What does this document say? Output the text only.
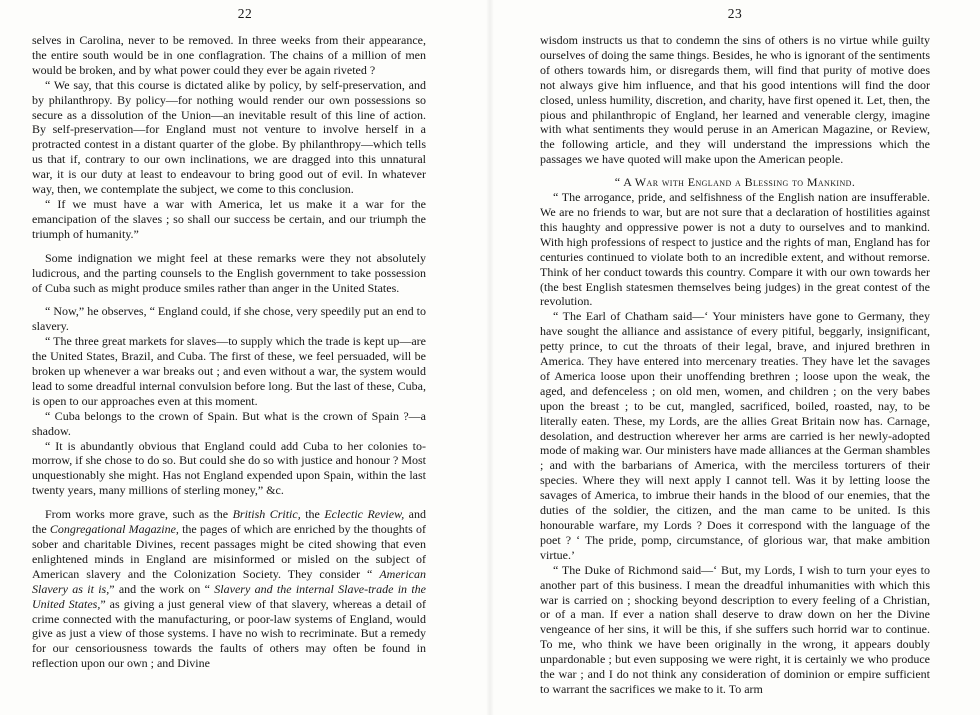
22

selves in Carolina, never to be removed. In three weeks from their appearance, the entire south would be in one conflagration. The chains of a million of men would be broken, and by what power could they ever be again riveted ?

“ We say, that this course is dictated alike by policy, by self-preservation, and by philanthropy. By policy—for nothing would render our own possessions so secure as a dissolution of the Union—an inevitable result of this line of action. By self-preservation—for England must not venture to involve herself in a protracted contest in a distant quarter of the globe. By philanthropy—which tells us that if, contrary to our own inclinations, we are dragged into this unnatural war, it is our duty at least to endeavour to bring good out of evil. In whatever way, then, we contemplate the subject, we come to this conclusion.

“ If we must have a war with America, let us make it a war for the emancipation of the slaves ; so shall our success be certain, and our triumph the triumph of humanity.”

Some indignation we might feel at these remarks were they not absolutely ludicrous, and the parting counsels to the English government to take possession of Cuba such as might produce smiles rather than anger in the United States.

“ Now,” he observes, “ England could, if she chose, very speedily put an end to slavery.

“ The three great markets for slaves—to supply which the trade is kept up—are the United States, Brazil, and Cuba. The first of these, we feel persuaded, will be broken up whenever a war breaks out ; and even without a war, the system would lead to some dreadful internal convulsion before long. But the last of these, Cuba, is open to our approaches even at this moment.

“ Cuba belongs to the crown of Spain. But what is the crown of Spain ?—a shadow.

“ It is abundantly obvious that England could add Cuba to her colonies to-morrow, if she chose to do so. But could she do so with justice and honour ? Most unquestionably she might. Has not England expended upon Spain, within the last twenty years, many millions of sterling money,” &c.

From works more grave, such as the British Critic, the Eclectic Review, and the Congregational Magazine, the pages of which are enriched by the thoughts of sober and charitable Divines, recent passages might be cited showing that even enlightened minds in England are misinformed or misled on the subject of American slavery and the Colonization Society. They consider “ American Slavery as it is,” and the work on “ Slavery and the internal Slave-trade in the United States,” as giving a just general view of that slavery, whereas a detail of crime connected with the manufacturing, or poor-law systems of England, would give as just a view of those systems. I have no wish to recriminate. But a remedy for our censoriousness towards the faults of others may often be found in reflection upon our own ; and Divine

23

wisdom instructs us that to condemn the sins of others is no virtue while guilty ourselves of doing the same things. Besides, he who is ignorant of the sentiments of others towards him, or disregards them, will find that purity of motive does not always give him influence, and that his good intentions will find the door closed, unless humility, discretion, and charity, have first opened it. Let, then, the pious and philanthropic of England, her learned and venerable clergy, imagine with what sentiments they would peruse in an American Magazine, or Review, the following article, and they will understand the impressions which the passages we have quoted will make upon the American people.

“ A War with England a Blessing to Mankind.

“ The arrogance, pride, and selfishness of the English nation are insufferable. We are no friends to war, but are not sure that a declaration of hostilities against this haughty and oppressive power is not a duty to ourselves and to mankind. With high professions of respect to justice and the rights of man, England has for centuries continued to violate both to an incredible extent, and without remorse. Think of her conduct towards this country. Compare it with our own towards her (the best English statesmen themselves being judges) in the great contest of the revolution.

“ The Earl of Chatham said—‘ Your ministers have gone to Germany, they have sought the alliance and assistance of every pitiful, beggarly, insignificant, petty prince, to cut the throats of their legal, brave, and injured brethren in America. They have entered into mercenary treaties. They have let the savages of America loose upon their unoffending brethren ; loose upon the weak, the aged, and defenceless ; on old men, women, and children ; on the very babes upon the breast ; to be cut, mangled, sacrificed, boiled, roasted, nay, to be literally eaten. These, my Lords, are the allies Great Britain now has. Carnage, desolation, and destruction wherever her arms are carried is her newly-adopted mode of making war. Our ministers have made alliances at the German shambles ; and with the barbarians of America, with the merciless torturers of their species. Where they will next apply I cannot tell. Was it by letting loose the savages of America, to imbrue their hands in the blood of our enemies, that the duties of the soldier, the citizen, and the man came to be united. Is this honourable warfare, my Lords ? Does it correspond with the language of the poet ? ‘ The pride, pomp, circumstance, of glorious war, that make ambition virtue.’

“ The Duke of Richmond said—‘ But, my Lords, I wish to turn your eyes to another part of this business. I mean the dreadful inhumanities with which this war is carried on ; shocking beyond description to every feeling of a Christian, or of a man. If ever a nation shall deserve to draw down on her the Divine vengeance of her sins, it will be this, if she suffers such horrid war to continue. To me, who think we have been originally in the wrong, it appears doubly unpardonable ; but even supposing we were right, it is certainly we who produce the war ; and I do not think any consideration of dominion or empire sufficient to warrant the sacrifices we make to it. To arm
